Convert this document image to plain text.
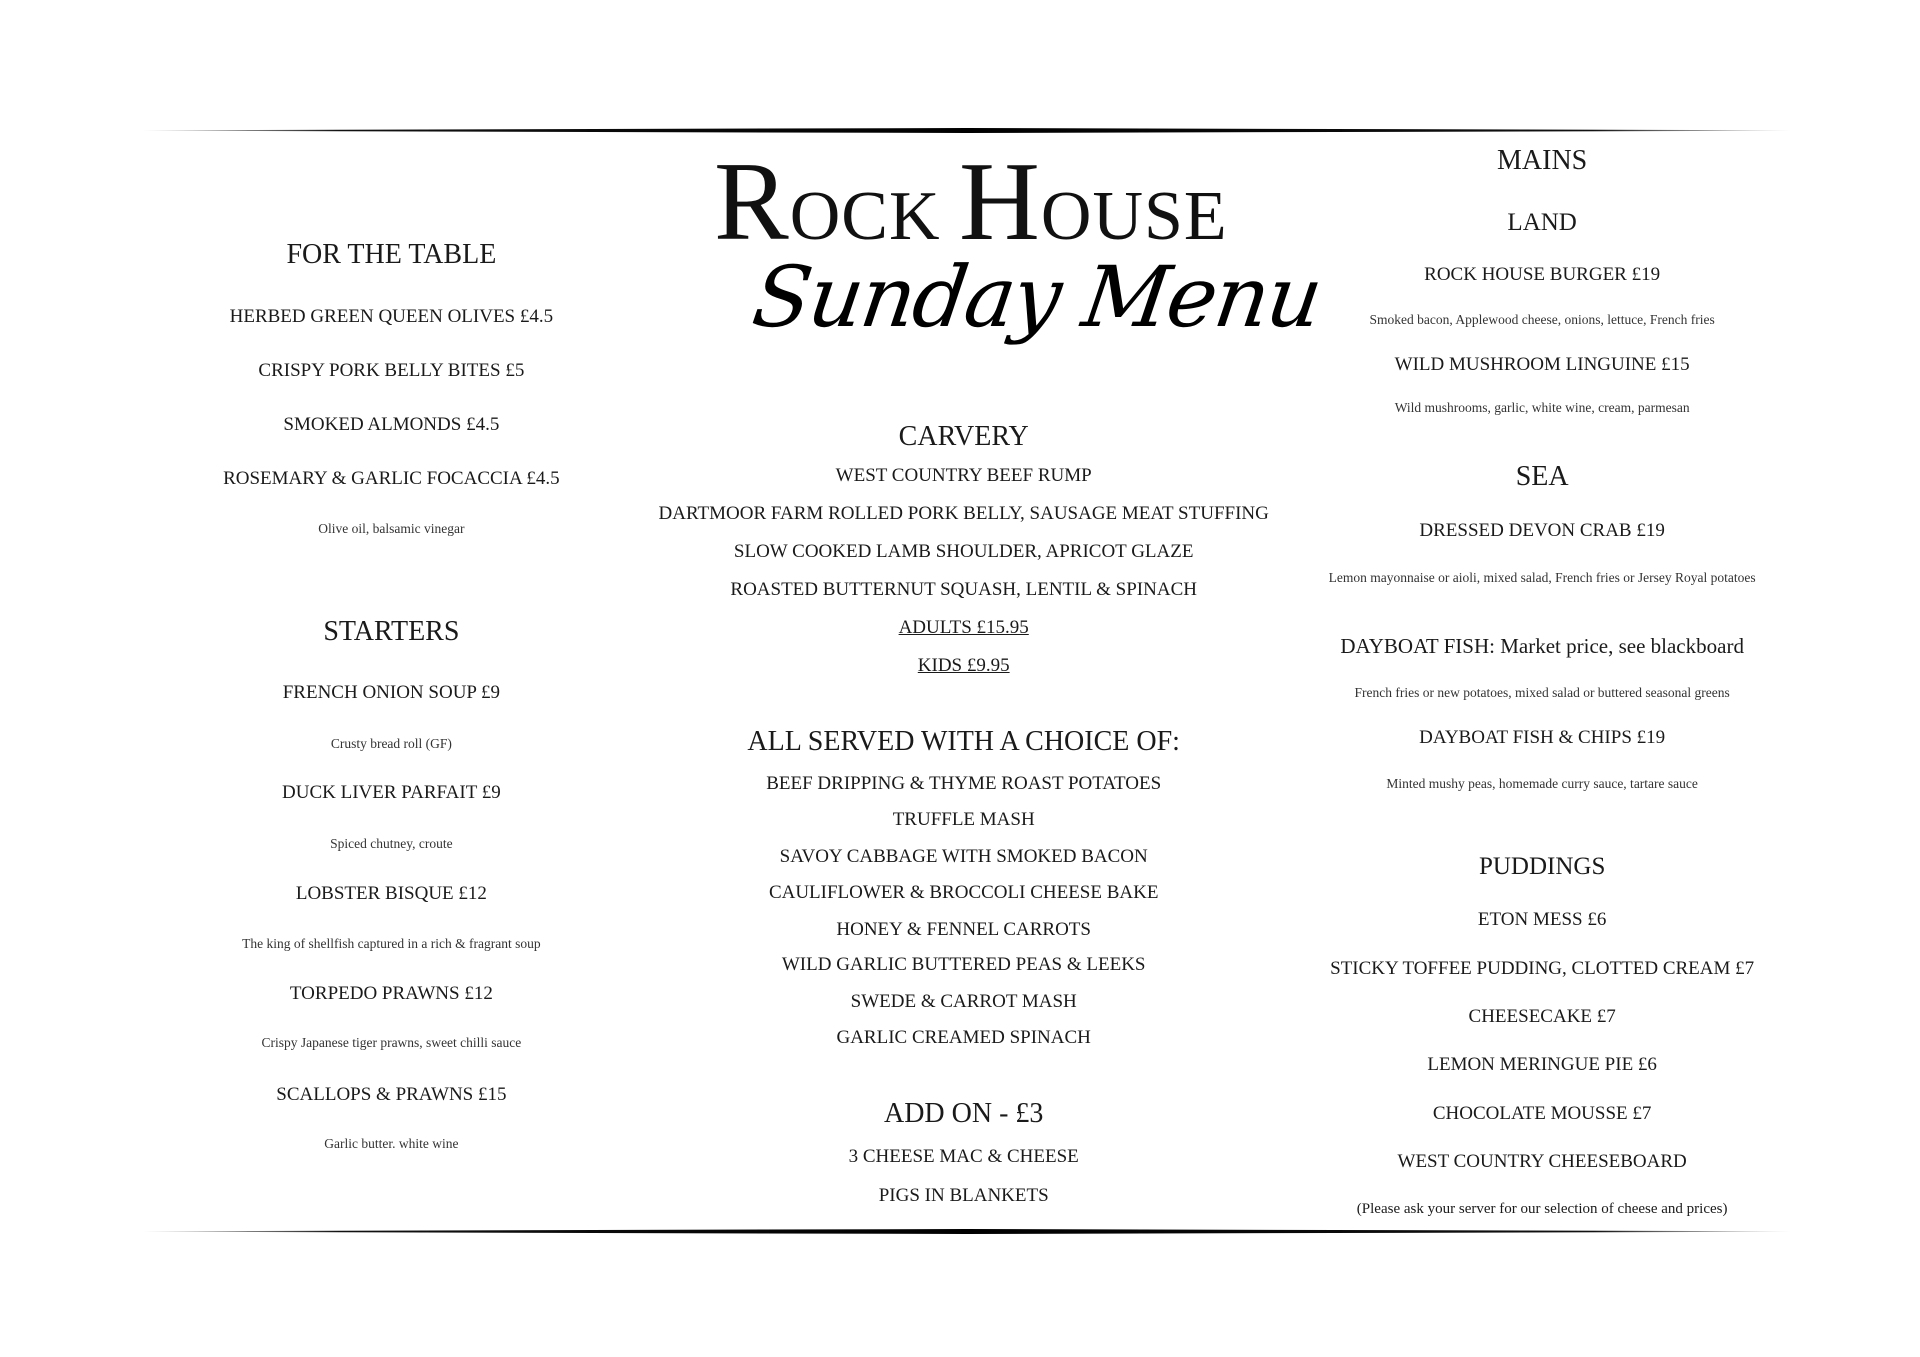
ROCK HOUSE
Sunday Menu
FOR THE TABLE
HERBED GREEN QUEEN OLIVES £4.5
CRISPY PORK BELLY BITES £5
SMOKED ALMONDS £4.5
ROSEMARY & GARLIC FOCACCIA £4.5
Olive oil, balsamic vinegar
STARTERS
FRENCH ONION SOUP £9
Crusty bread roll (GF)
DUCK LIVER PARFAIT £9
Spiced chutney, croute
LOBSTER BISQUE £12
The king of shellfish captured in a rich & fragrant soup
TORPEDO PRAWNS £12
Crispy Japanese tiger prawns, sweet chilli sauce
SCALLOPS & PRAWNS £15
Garlic butter. white wine
CARVERY
WEST COUNTRY BEEF RUMP
DARTMOOR FARM ROLLED PORK BELLY, SAUSAGE MEAT STUFFING
SLOW COOKED LAMB SHOULDER, APRICOT GLAZE
ROASTED BUTTERNUT SQUASH, LENTIL & SPINACH
ADULTS £15.95
KIDS £9.95
ALL SERVED WITH A CHOICE OF:
BEEF DRIPPING & THYME ROAST POTATOES
TRUFFLE MASH
SAVOY CABBAGE WITH SMOKED BACON
CAULIFLOWER & BROCCOLI CHEESE BAKE
HONEY & FENNEL CARROTS
WILD GARLIC BUTTERED PEAS & LEEKS
SWEDE & CARROT MASH
GARLIC CREAMED SPINACH
ADD ON - £3
3 CHEESE MAC & CHEESE
PIGS IN BLANKETS
MAINS
LAND
ROCK HOUSE BURGER £19
Smoked bacon, Applewood cheese, onions, lettuce, French fries
WILD MUSHROOM LINGUINE £15
Wild mushrooms, garlic, white wine, cream, parmesan
SEA
DRESSED DEVON CRAB £19
Lemon mayonnaise or aioli, mixed salad, French fries or Jersey Royal potatoes
DAYBOAT FISH: Market price, see blackboard
French fries or new potatoes, mixed salad or buttered seasonal greens
DAYBOAT FISH & CHIPS £19
Minted mushy peas, homemade curry sauce, tartare sauce
PUDDINGS
ETON MESS £6
STICKY TOFFEE PUDDING, CLOTTED CREAM £7
CHEESECAKE £7
LEMON MERINGUE PIE £6
CHOCOLATE MOUSSE £7
WEST COUNTRY CHEESEBOARD
(Please ask your server for our selection of cheese and prices)
